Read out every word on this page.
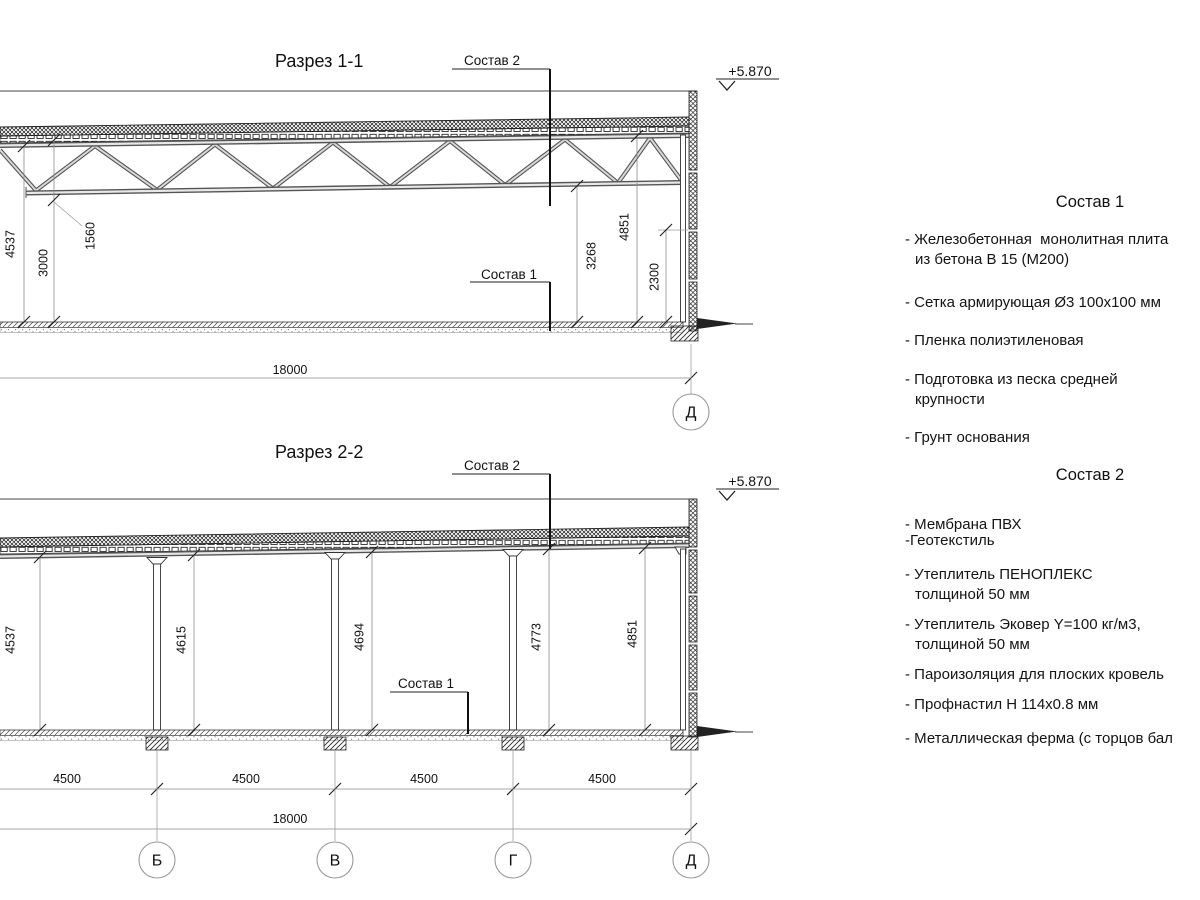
Разрез 1-1	Состав 2
Состав 1
+5.870
4537
3000
1560
3268
4851
2300
18000
Д
Разрез 2-2
Состав 2
Состав 1
+5.870
4537	4615	4694	4773	4851
4500	4500	4500	4500
18000
Б	В	Г	Д
Состав 1
- Железобетонная  монолитная плита
из бетона В 15 (М200)
- Сетка армирующая Ø3 100х100 мм
- Пленка полиэтиленовая
- Подготовка из песка средней
крупности
- Грунт основания
Состав 2
- Мембрана ПВХ
-Геотекстиль
- Утеплитель ПЕНОПЛЕКС
толщиной 50 мм
- Утеплитель Эковер Y=100 кг/м3,
толщиной 50 мм
- Пароизоляция для плоских кровель
- Профнастил Н 114х0.8 мм
- Металлическая ферма (с торцов бал
